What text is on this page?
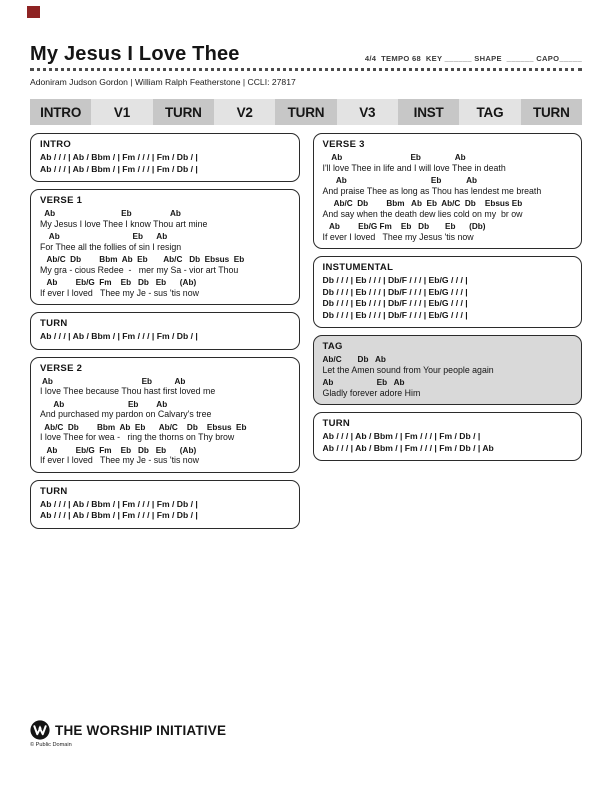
My Jesus I Love Thee	4/4  TEMPO 68  KEY ______ SHAPE  ______ CAPO_____
Adoniram Judson Gordon | William Ralph Featherstone | CCLI: 27817
INTRO	V1	TURN	V2	TURN	V3	INST	TAG	TURN
INTRO
Ab / / / | Ab / Bbm / | Fm / / / | Fm / Db / |
Ab / / / | Ab / Bbm / | Fm / / / | Fm / Db / |
VERSE 1
Ab                             Eb                 Ab
My Jesus I love Thee I know Thou art mine
Ab                                Eb      Ab
For Thee all the follies of sin I resign
Ab/C  Db        Bbm  Ab  Eb       Ab/C   Db  Ebsus  Eb
My gra - cious Redee  -   mer my Sa - vior art Thou
Ab        Eb/G  Fm    Eb   Db   Eb      (Ab)
If ever I loved   Thee my Je - sus 'tis now
TURN
Ab / / / | Ab / Bbm / | Fm / / / | Fm / Db / |
VERSE 2
Ab                                       Eb          Ab
I love Thee because Thou hast first loved me
Ab                            Eb        Ab
And purchased my pardon on Calvary's tree
Ab/C  Db        Bbm  Ab  Eb      Ab/C    Db    Ebsus  Eb
I love Thee for wea -   ring the thorns on Thy brow
Ab        Eb/G  Fm    Eb   Db   Eb      (Ab)
If ever I loved   Thee my Je - sus 'tis now
TURN
Ab / / / | Ab / Bbm / | Fm / / / | Fm / Db / |
Ab / / / | Ab / Bbm / | Fm / / / | Fm / Db / |
VERSE 3
Ab                              Eb               Ab
I'll love Thee in life and I will love Thee in death
Ab                                     Eb           Ab
And praise Thee as long as Thou has lendest me breath
Ab/C  Db        Bbm   Ab  Eb  Ab/C  Db    Ebsus Eb
And say when the death dew lies cold on my  br ow
Ab        Eb/G Fm    Eb   Db       Eb      (Db)
If ever I loved   Thee my Jesus 'tis now
INSTUMENTAL
Db / / / | Eb / / / | Db/F / / / | Eb/G / / / |
Db / / / | Eb / / / | Db/F / / / | Eb/G / / / |
Db / / / | Eb / / / | Db/F / / / | Eb/G / / / |
Db / / / | Eb / / / | Db/F / / / | Eb/G / / / |
TAG
Ab/C       Db   Ab
Let the Amen sound from Your people again
Ab                   Eb   Ab
Gladly forever adore Him
TURN
Ab / / / | Ab / Bbm / | Fm / / / | Fm / Db / |
Ab / / / | Ab / Bbm / | Fm / / / | Fm / Db / | Ab
THE WORSHIP INITIATIVE
© Public Domain
